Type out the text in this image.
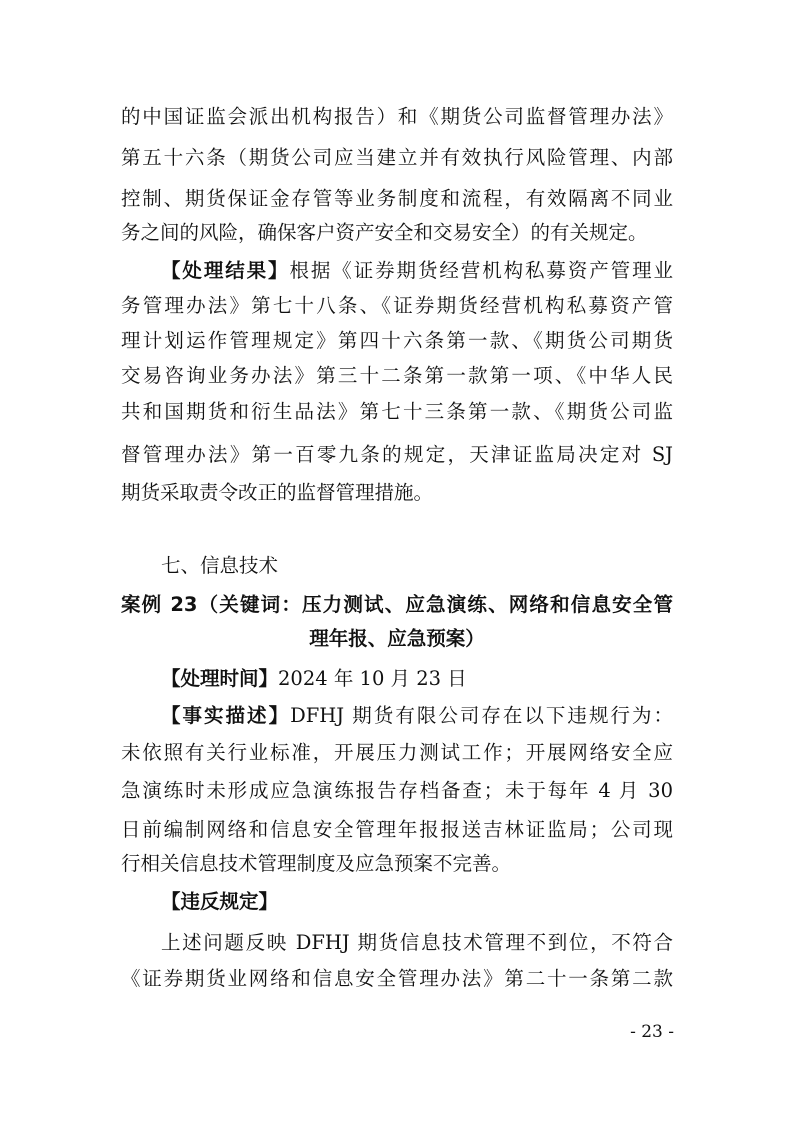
的中国证监会派出机构报告）和《期货公司监督管理办法》
第五十六条（期货公司应当建立并有效执行风险管理、内部
控制、期货保证金存管等业务制度和流程，有效隔离不同业
务之间的风险，确保客户资产安全和交易安全）的有关规定。
【处理结果】根据《证券期货经营机构私募资产管理业
务管理办法》第七十八条、《证券期货经营机构私募资产管
理计划运作管理规定》第四十六条第一款、《期货公司期货
交易咨询业务办法》第三十二条第一款第一项、《中华人民
共和国期货和衍生品法》第七十三条第一款、《期货公司监
督管理办法》第一百零九条的规定，天津证监局决定对 SJ
期货采取责令改正的监督管理措施。
七、信息技术
案例 23（关键词：压力测试、应急演练、网络和信息安全管
理年报、应急预案）
【处理时间】2024 年 10 月 23 日
【事实描述】DFHJ 期货有限公司存在以下违规行为：
未依照有关行业标准，开展压力测试工作；开展网络安全应
急演练时未形成应急演练报告存档备查；未于每年 4 月 30
日前编制网络和信息安全管理年报报送吉林证监局；公司现
行相关信息技术管理制度及应急预案不完善。
【违反规定】
上述问题反映 DFHJ 期货信息技术管理不到位，不符合
《证券期货业网络和信息安全管理办法》第二十一条第二款
- 23 -
